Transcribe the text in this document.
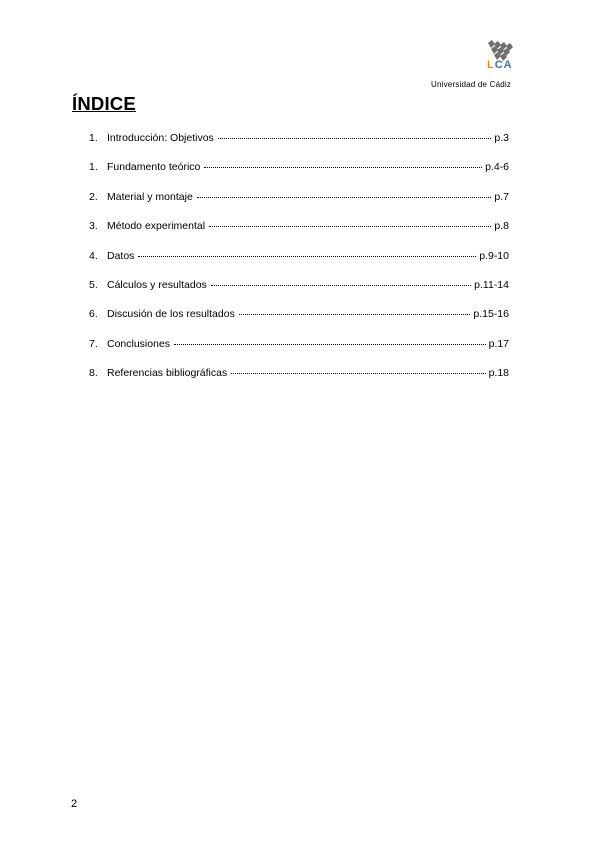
LCA
Universidad de Cádiz
ÍNDICE
1. Introducción: Objetivos	p.3
1. Fundamento teórico	p.4-6
2. Material y montaje	p.7
3. Método experimental	p.8
4. Datos	p.9-10
5. Cálculos y resultados	p.11-14
6. Discusión de los resultados	p.15-16
7. Conclusiones	p.17
8. Referencias bibliográficas	p.18
2
